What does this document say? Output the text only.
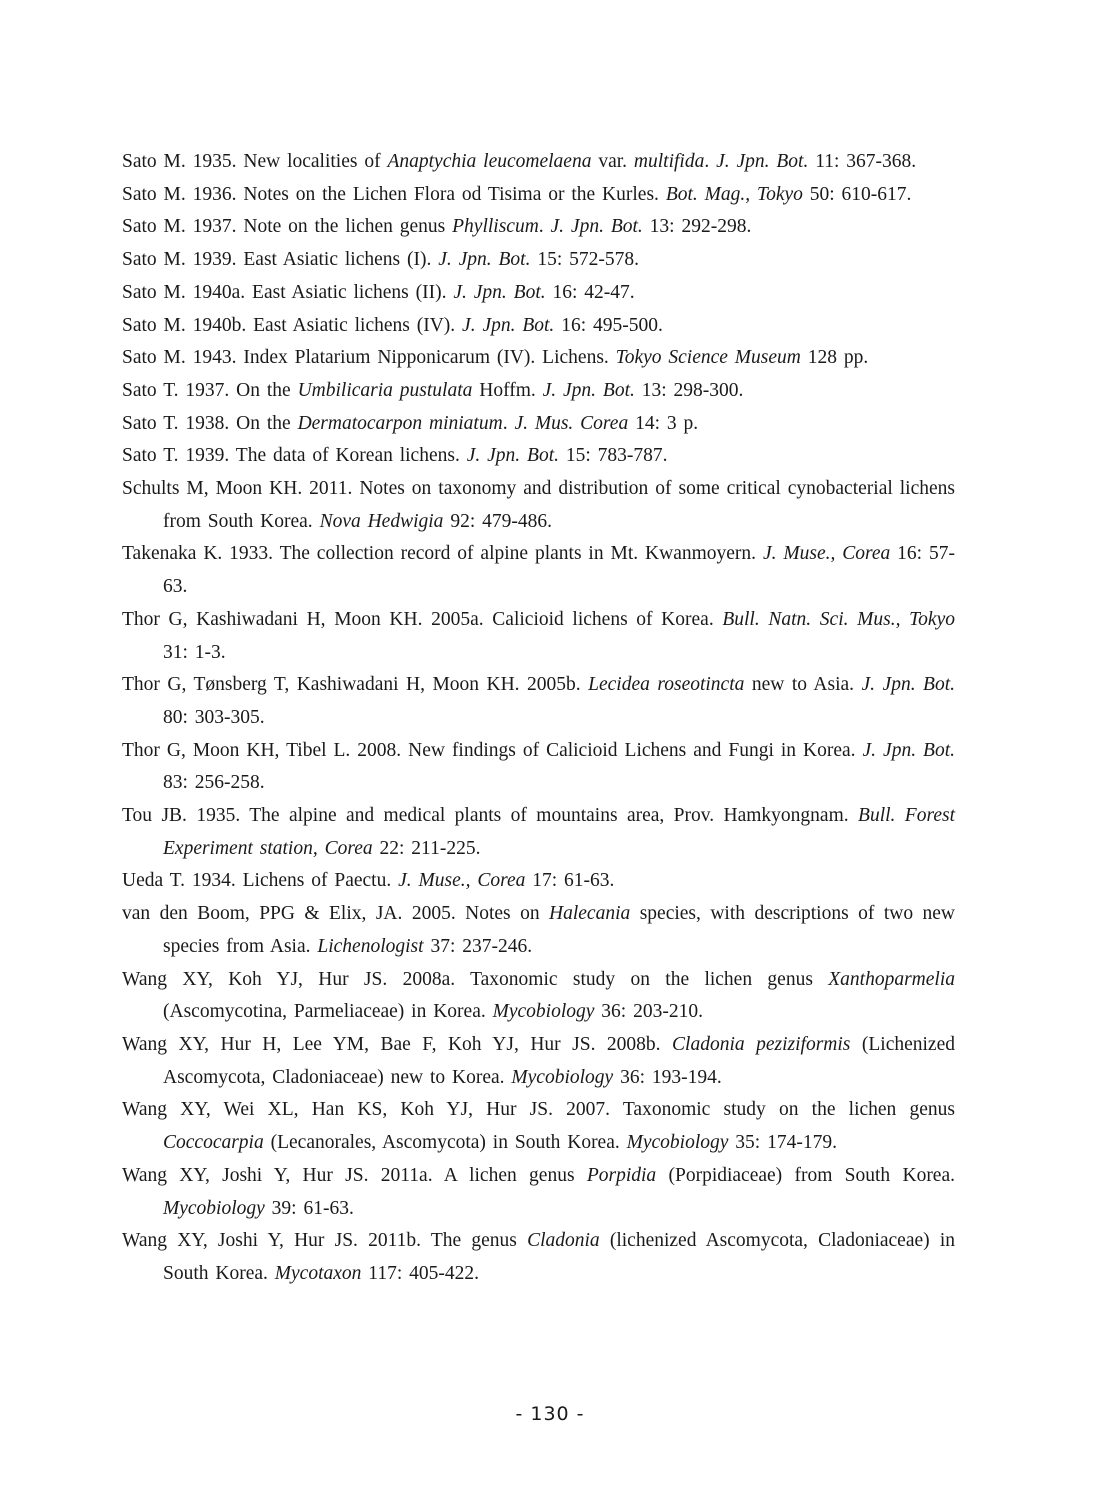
Sato M. 1935. New localities of Anaptychia leucomelaena var. multifida. J. Jpn. Bot. 11: 367-368.
Sato M. 1936. Notes on the Lichen Flora od Tisima or the Kurles. Bot. Mag., Tokyo 50: 610-617.
Sato M. 1937. Note on the lichen genus Phylliscum. J. Jpn. Bot. 13: 292-298.
Sato M. 1939. East Asiatic lichens (I). J. Jpn. Bot. 15: 572-578.
Sato M. 1940a. East Asiatic lichens (II). J. Jpn. Bot. 16: 42-47.
Sato M. 1940b. East Asiatic lichens (IV). J. Jpn. Bot. 16: 495-500.
Sato M. 1943. Index Platarium Nipponicarum (IV). Lichens. Tokyo Science Museum 128 pp.
Sato T. 1937. On the Umbilicaria pustulata Hoffm. J. Jpn. Bot. 13: 298-300.
Sato T. 1938. On the Dermatocarpon miniatum. J. Mus. Corea 14: 3 p.
Sato T. 1939. The data of Korean lichens. J. Jpn. Bot. 15: 783-787.
Schults M, Moon KH. 2011. Notes on taxonomy and distribution of some critical cynobacterial lichens from South Korea. Nova Hedwigia 92: 479-486.
Takenaka K. 1933. The collection record of alpine plants in Mt. Kwanmoyern. J. Muse., Corea 16: 57-63.
Thor G, Kashiwadani H, Moon KH. 2005a. Calicioid lichens of Korea. Bull. Natn. Sci. Mus., Tokyo 31: 1-3.
Thor G, Tønsberg T, Kashiwadani H, Moon KH. 2005b. Lecidea roseotincta new to Asia. J. Jpn. Bot. 80: 303-305.
Thor G, Moon KH, Tibel L. 2008. New findings of Calicioid Lichens and Fungi in Korea. J. Jpn. Bot. 83: 256-258.
Tou JB. 1935. The alpine and medical plants of mountains area, Prov. Hamkyongnam. Bull. Forest Experiment station, Corea 22: 211-225.
Ueda T. 1934. Lichens of Paectu. J. Muse., Corea 17: 61-63.
van den Boom, PPG & Elix, JA. 2005. Notes on Halecania species, with descriptions of two new species from Asia. Lichenologist 37: 237-246.
Wang XY, Koh YJ, Hur JS. 2008a. Taxonomic study on the lichen genus Xanthoparmelia (Ascomycotina, Parmeliaceae) in Korea. Mycobiology 36: 203-210.
Wang XY, Hur H, Lee YM, Bae F, Koh YJ, Hur JS. 2008b. Cladonia peziziformis (Lichenized Ascomycota, Cladoniaceae) new to Korea. Mycobiology 36: 193-194.
Wang XY, Wei XL, Han KS, Koh YJ, Hur JS. 2007. Taxonomic study on the lichen genus Coccocarpia (Lecanorales, Ascomycota) in South Korea. Mycobiology 35: 174-179.
Wang XY, Joshi Y, Hur JS. 2011a. A lichen genus Porpidia (Porpidiaceae) from South Korea. Mycobiology 39: 61-63.
Wang XY, Joshi Y, Hur JS. 2011b. The genus Cladonia (lichenized Ascomycota, Cladoniaceae) in South Korea. Mycotaxon 117: 405-422.
- 130 -
